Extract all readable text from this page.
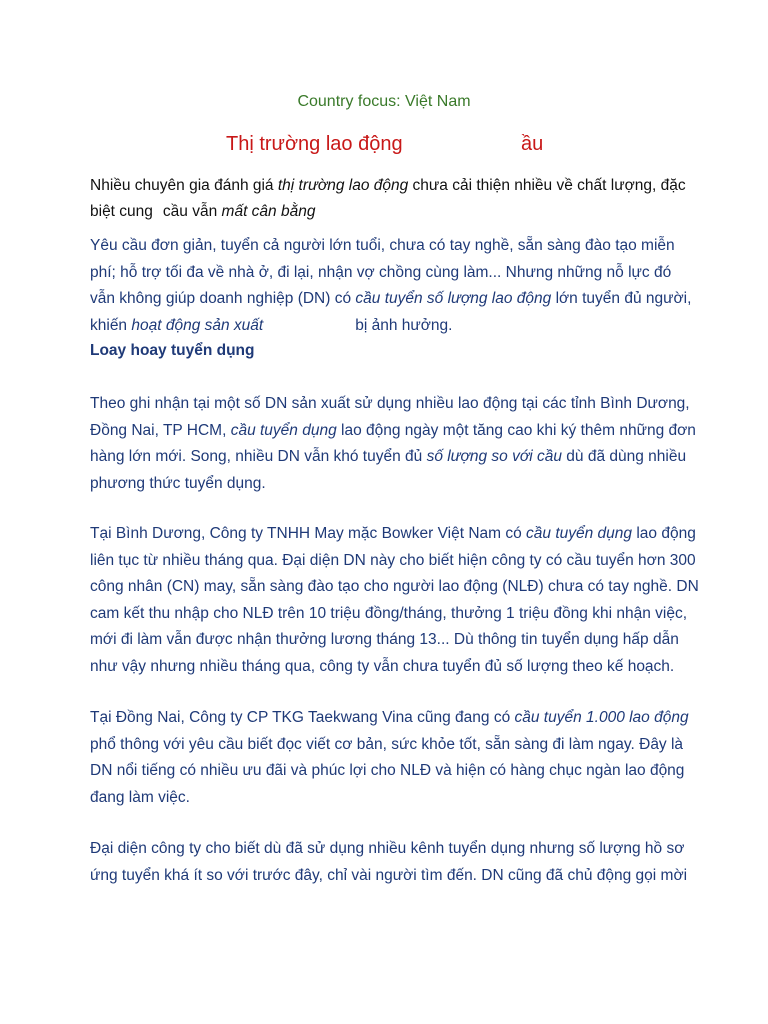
Country focus: Việt Nam
Thị trường lao động	ầu
Nhiều chuyên gia đánh giá thị trường lao động chưa cải thiện nhiều về chất lượng, đặc
biệt cung cầu vẫn mất cân bằng
Yêu cầu đơn giản, tuyển cả người lớn tuổi, chưa có tay nghề, sẵn sàng đào tạo miễn
phí; hỗ trợ tối đa về nhà ở, đi lại, nhận vợ chồng cùng làm... Nhưng những nỗ lực đó
vẫn không giúp doanh nghiệp (DN) có cầu tuyển số lượng lao động lớn tuyển đủ người,
khiến hoạt động sản xuất	bị ảnh hưởng.
Loay hoay tuyển dụng
Theo ghi nhận tại một số DN sản xuất sử dụng nhiều lao động tại các tỉnh Bình Dương,
Đồng Nai, TP HCM, cầu tuyển dụng lao động ngày một tăng cao khi ký thêm những đơn
hàng lớn mới. Song, nhiều DN vẫn khó tuyển đủ số lượng so với cầu dù đã dùng nhiều
phương thức tuyển dụng.
Tại Bình Dương, Công ty TNHH May mặc Bowker Việt Nam có cầu tuyển dụng lao động
liên tục từ nhiều tháng qua. Đại diện DN này cho biết hiện công ty có cầu tuyển hơn 300
công nhân (CN) may, sẵn sàng đào tạo cho người lao động (NLĐ) chưa có tay nghề. DN
cam kết thu nhập cho NLĐ trên 10 triệu đồng/tháng, thưởng 1 triệu đồng khi nhận việc,
mới đi làm vẫn được nhận thưởng lương tháng 13... Dù thông tin tuyển dụng hấp dẫn
như vậy nhưng nhiều tháng qua, công ty vẫn chưa tuyển đủ số lượng theo kế hoạch.
Tại Đồng Nai, Công ty CP TKG Taekwang Vina cũng đang có cầu tuyển 1.000 lao động
phổ thông với yêu cầu biết đọc viết cơ bản, sức khỏe tốt, sẵn sàng đi làm ngay. Đây là
DN nổi tiếng có nhiều ưu đãi và phúc lợi cho NLĐ và hiện có hàng chục ngàn lao động
đang làm việc.
Đại diện công ty cho biết dù đã sử dụng nhiều kênh tuyển dụng nhưng số lượng hồ sơ
ứng tuyển khá ít so với trước đây, chỉ vài người tìm đến. DN cũng đã chủ động gọi mời
